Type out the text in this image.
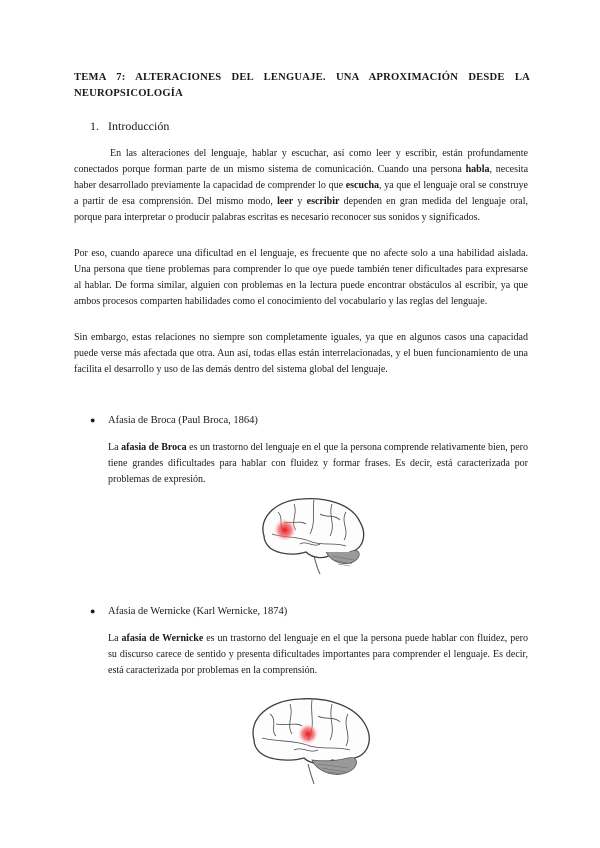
TEMA 7: ALTERACIONES DEL LENGUAJE. UNA APROXIMACIÓN DESDE LA NEUROPSICOLOGÍA
1. Introducción

En las alteraciones del lenguaje, hablar y escuchar, así como leer y escribir, están profundamente conectados porque forman parte de un mismo sistema de comunicación. Cuando una persona habla, necesita haber desarrollado previamente la capacidad de comprender lo que escucha, ya que el lenguaje oral se construye a partir de esa comprensión. Del mismo modo, leer y escribir dependen en gran medida del lenguaje oral, porque para interpretar o producir palabras escritas es necesario reconocer sus sonidos y significados.

Por eso, cuando aparece una dificultad en el lenguaje, es frecuente que no afecte solo a una habilidad aislada. Una persona que tiene problemas para comprender lo que oye puede también tener dificultades para expresarse al hablar. De forma similar, alguien con problemas en la lectura puede encontrar obstáculos al escribir, ya que ambos procesos comparten habilidades como el conocimiento del vocabulario y las reglas del lenguaje.

Sin embargo, estas relaciones no siempre son completamente iguales, ya que en algunos casos una capacidad puede verse más afectada que otra. Aun así, todas ellas están interrelacionadas, y el buen funcionamiento de una facilita el desarrollo y uso de las demás dentro del sistema global del lenguaje.

● Afasia de Broca (Paul Broca, 1864)

La afasia de Broca es un trastorno del lenguaje en el que la persona comprende relativamente bien, pero tiene grandes dificultades para hablar con fluidez y formar frases. Es decir, está caracterizada por problemas de expresión.

● Afasia de Wernicke (Karl Wernicke, 1874)

La afasia de Wernicke es un trastorno del lenguaje en el que la persona puede hablar con fluidez, pero su discurso carece de sentido y presenta dificultades importantes para comprender el lenguaje. Es decir, está caracterizada por problemas en la comprensión.
